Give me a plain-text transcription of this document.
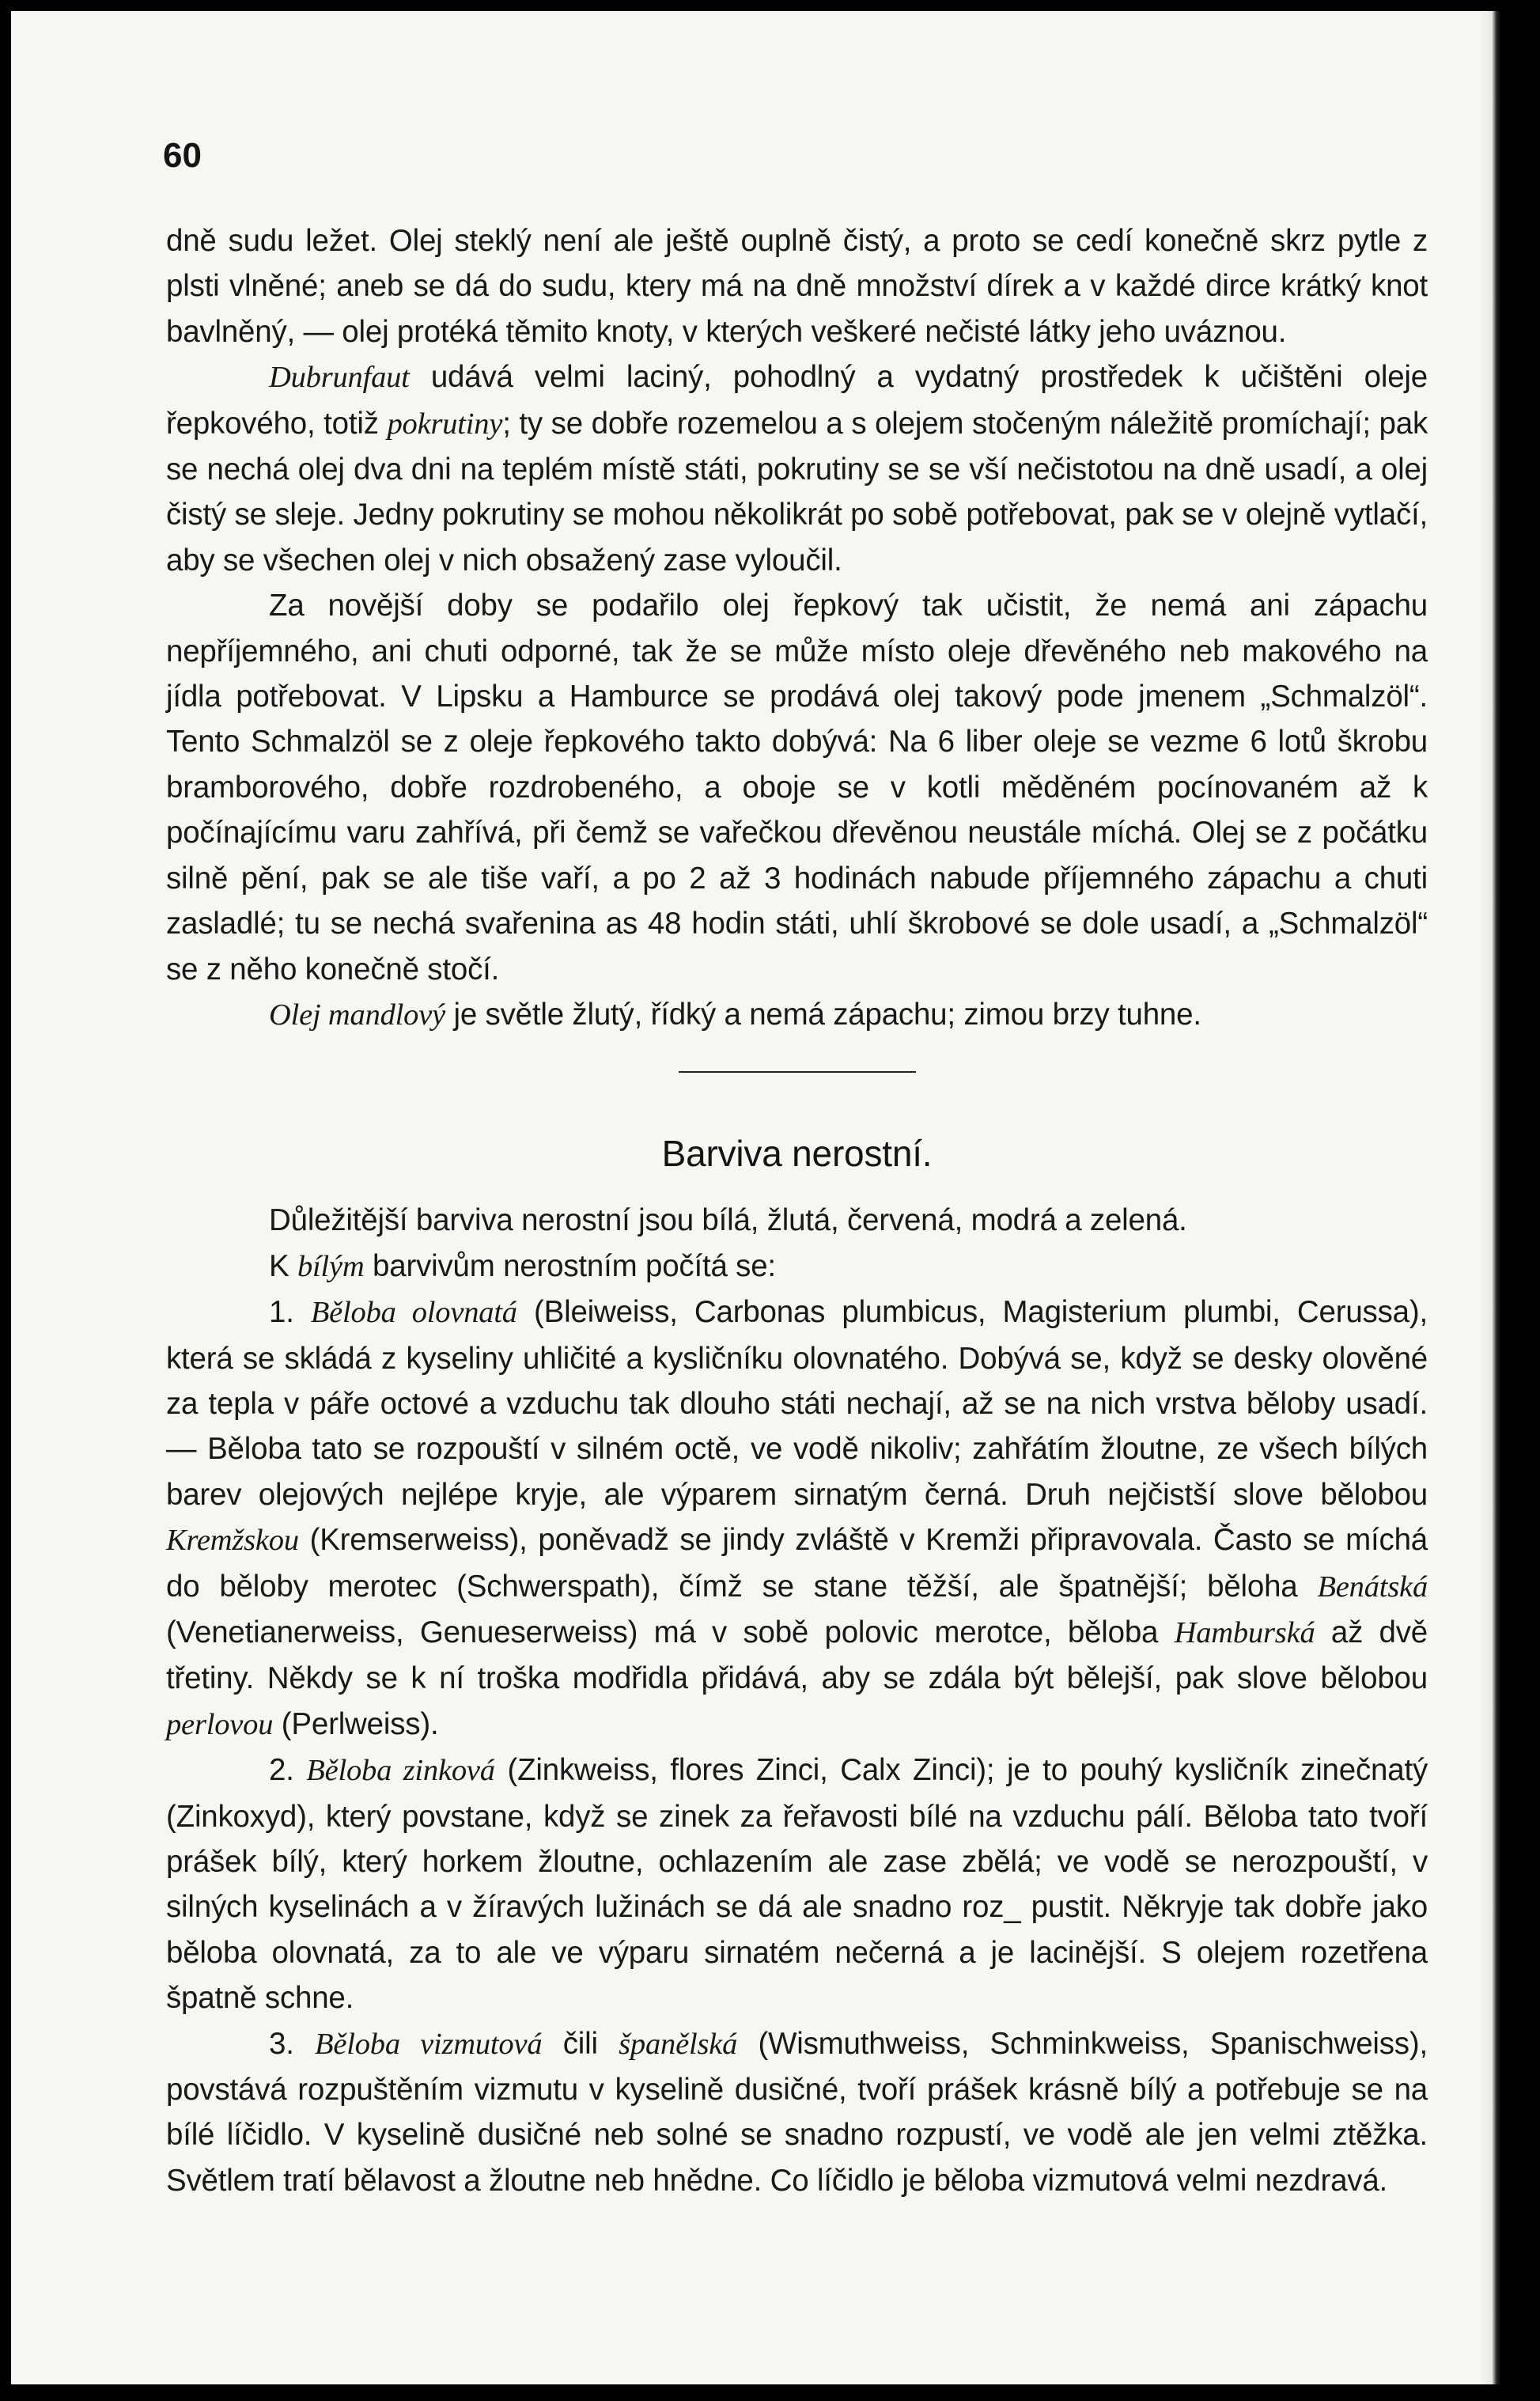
60

dně sudu ležet. Olej steklý není ale ještě ouplně čistý, a proto se cedí konečně skrz pytle z plsti vlněné; aneb se dá do sudu, ktery má na dně množství dírek a v každé dirce krátký knot bavlněný, — olej protéká těmito knoty, v kterých veškeré nečisté látky jeho uváznou.

Dubrunfaut udává velmi laciný, pohodlný a vydatný prostředek k učištěni oleje řepkového, totiž pokrutiny; ty se dobře rozemelou a s olejem stočeným náležitě promíchají; pak se nechá olej dva dni na teplém místě státi, pokrutiny se se vší nečistotou na dně usadí, a olej čistý se sleje. Jedny pokrutiny se mohou několikrát po sobě potřebovat, pak se v olejně vytlačí, aby se všechen olej v nich obsažený zase vyloučil.

Za novější doby se podařilo olej řepkový tak učistit, že nemá ani zápachu nepříjemného, ani chuti odporné, tak že se může místo oleje dřevěného neb makového na jídla potřebovat. V Lipsku a Hamburce se prodává olej takový pode jmenem „Schmalzöl“. Tento Schmalzöl se z oleje řepkového takto dobývá: Na 6 liber oleje se vezme 6 lotů škrobu bramborového, dobře rozdrobeného, a oboje se v kotli měděném pocínovaném až k počínajícímu varu zahřívá, při čemž se vařečkou dřevěnou neustále míchá. Olej se z počátku silně pění, pak se ale tiše vaří, a po 2 až 3 hodinách nabude příjemného zápachu a chuti zasladlé; tu se nechá svařenina as 48 hodin státi, uhlí škrobové se dole usadí, a „Schmalzöl“ se z něho konečně stočí.

Olej mandlový je světle žlutý, řídký a nemá zápachu; zimou brzy tuhne.

Barviva nerostní.

Důležitější barviva nerostní jsou bílá, žlutá, červená, modrá a zelená.

K bílým barvivům nerostním počítá se:

1. Běloba olovnatá (Bleiweiss, Carbonas plumbicus, Magisterium plumbi, Cerussa), která se skládá z kyseliny uhličité a kysličníku olovnatého. Dobývá se, když se desky olověné za tepla v páře octové a vzduchu tak dlouho státi nechají, až se na nich vrstva běloby usadí. — Běloba tato se rozpouští v silném octě, ve vodě nikoliv; zahřátím žloutne, ze všech bílých barev olejových nejlépe kryje, ale výparem sirnatým černá. Druh nejčistší slove bělobou Kremžskou (Kremserweiss), poněvadž se jindy zvláště v Kremži připravovala. Často se míchá do běloby merotec (Schwerspath), čímž se stane těžší, ale špatnější; běloha Benátská (Venetianerweiss, Genueserweiss) má v sobě polovic merotce, běloba Hamburská až dvě třetiny. Někdy se k ní troška modřidla přidává, aby se zdála být bělejší, pak slove bělobou perlovou (Perlweiss).

2. Běloba zinková (Zinkweiss, flores Zinci, Calx Zinci); je to pouhý kysličník zinečnatý (Zinkoxyd), který povstane, když se zinek za řeřavosti bílé na vzduchu pálí. Běloba tato tvoří prášek bílý, který horkem žloutne, ochlazením ale zase zbělá; ve vodě se nerozpouští, v silných kyselinách a v žíravých lužinách se dá ale snadno roz_ pustit. Někryje tak dobře jako běloba olovnatá, za to ale ve výparu sirnatém nečerná a je lacinější. S olejem rozetřena špatně schne.

3. Běloba vizmutová čili španělská (Wismuthweiss, Schminkweiss, Spanischweiss), povstává rozpuštěním vizmutu v kyselině dusičné, tvoří prášek krásně bílý a potřebuje se na bílé líčidlo. V kyselině dusičné neb solné se snadno rozpustí, ve vodě ale jen velmi ztěžka. Světlem tratí bělavost a žloutne neb hnědne. Co líčidlo je běloba vizmutová velmi nezdravá.
